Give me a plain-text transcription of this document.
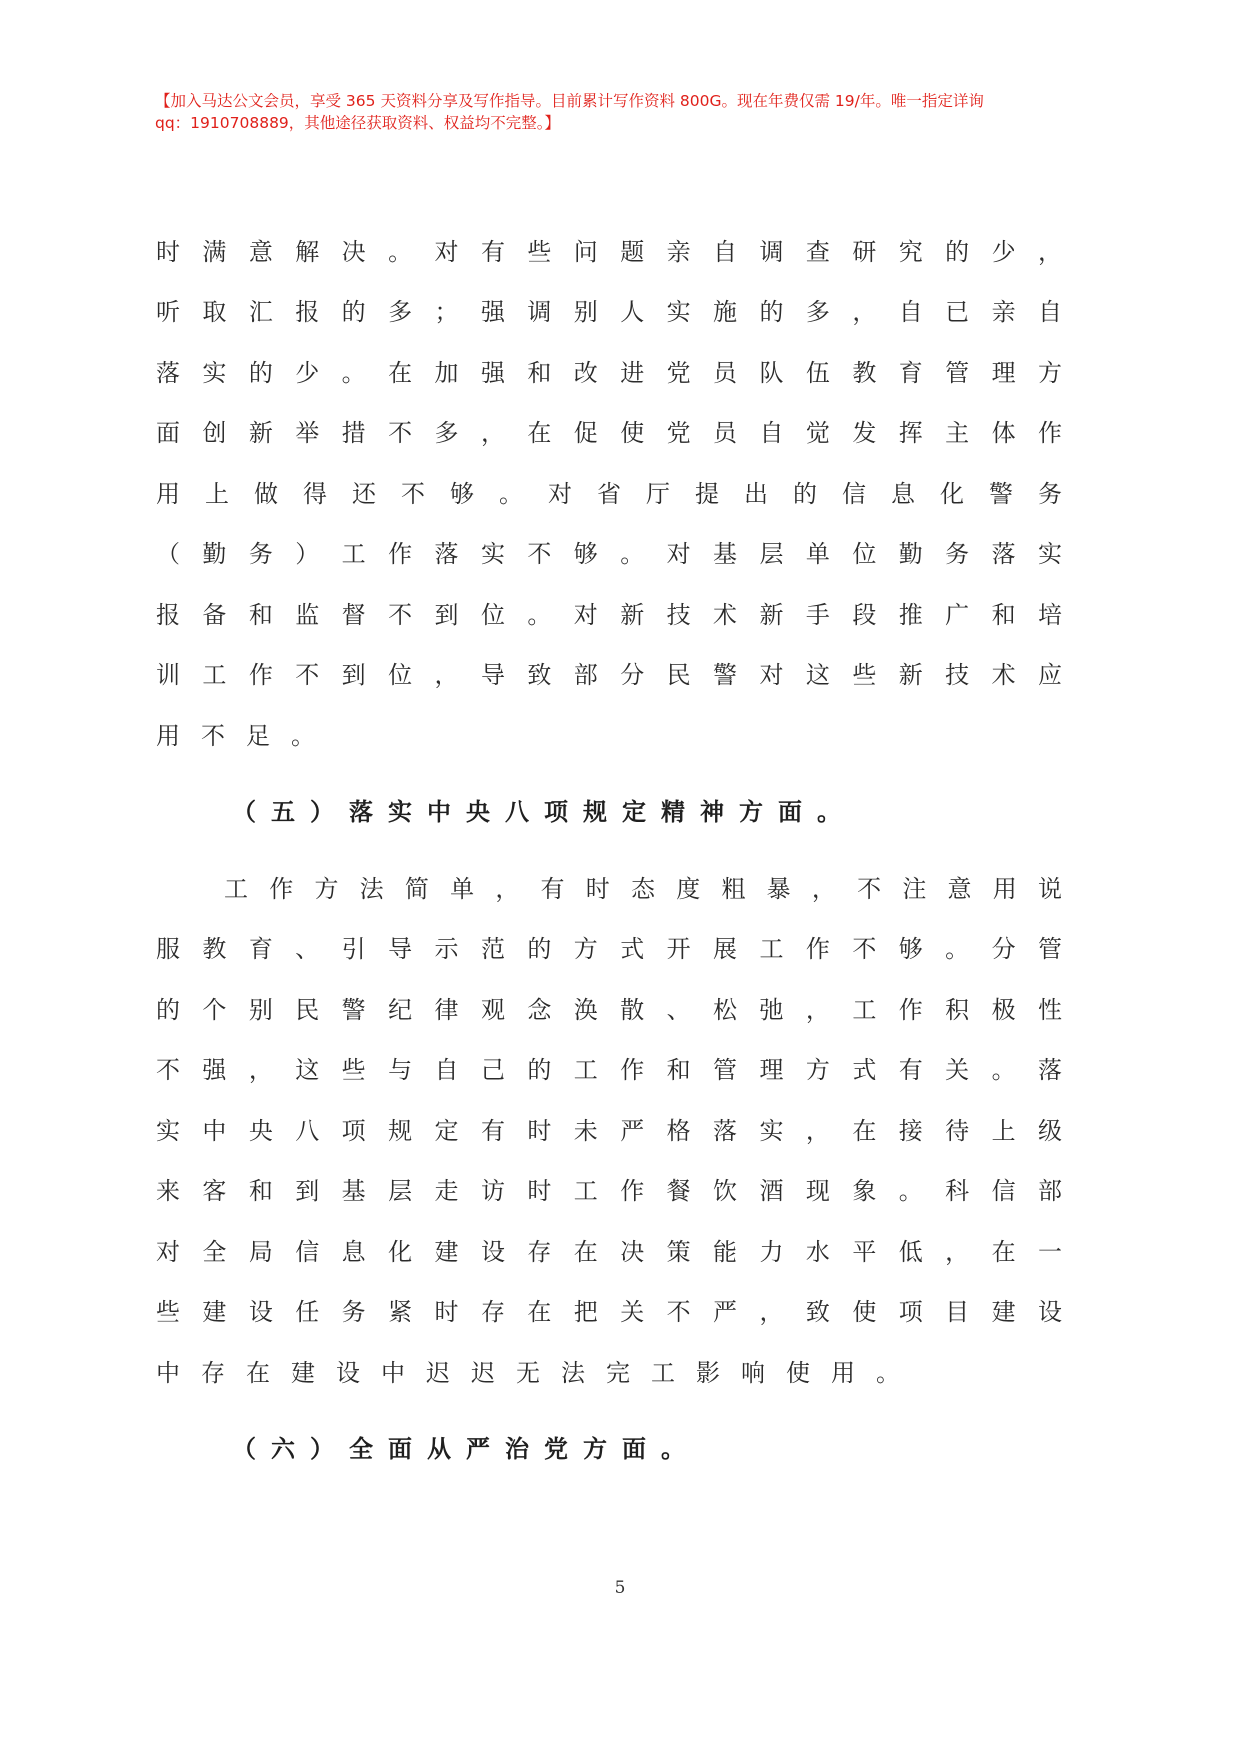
【加入马达公文会员，享受 365 天资料分享及写作指导。目前累计写作资料 800G。现在年费仅需 19/年。唯一指定详询
qq：1910708889，其他途径获取资料、权益均不完整。】
时满意解决。对有些问题亲自调查研究的少，
听取汇报的多；强调别人实施的多，自已亲自
落实的少。在加强和改进党员队伍教育管理方
面创新举措不多，在促使党员自觉发挥主体作
用上做得还不够。对省厅提出的信息化警务
（勤务）工作落实不够。对基层单位勤务落实
报备和监督不到位。对新技术新手段推广和培
训工作不到位，导致部分民警对这些新技术应
用不足。
（五）落实中央八项规定精神方面。
工作方法简单，有时态度粗暴，不注意用说
服教育、引导示范的方式开展工作不够。分管
的个别民警纪律观念涣散、松弛，工作积极性
不强，这些与自己的工作和管理方式有关。落
实中央八项规定有时未严格落实，在接待上级
来客和到基层走访时工作餐饮酒现象。科信部
对全局信息化建设存在决策能力水平低，在一
些建设任务紧时存在把关不严，致使项目建设
中存在建设中迟迟无法完工影响使用。
（六）全面从严治党方面。
5
